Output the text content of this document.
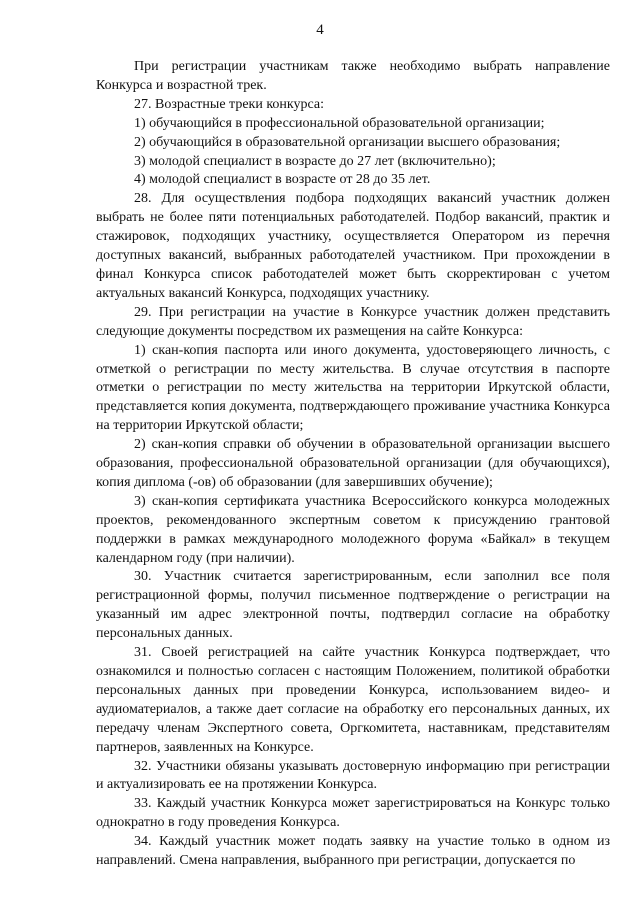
4

При регистрации участникам также необходимо выбрать направление Конкурса и возрастной трек.

27. Возрастные треки конкурса:

1) обучающийся в профессиональной образовательной организации;

2) обучающийся в образовательной организации высшего образования;

3) молодой специалист в возрасте до 27 лет (включительно);

4) молодой специалист в возрасте от 28 до 35 лет.

28. Для осуществления подбора подходящих вакансий участник должен выбрать не более пяти потенциальных работодателей. Подбор вакансий, практик и стажировок, подходящих участнику, осуществляется Оператором из перечня доступных вакансий, выбранных работодателей участником. При прохождении в финал Конкурса список работодателей может быть скорректирован с учетом актуальных вакансий Конкурса, подходящих участнику.

29. При регистрации на участие в Конкурсе участник должен представить следующие документы посредством их размещения на сайте Конкурса:

1) скан-копия паспорта или иного документа, удостоверяющего личность, с отметкой о регистрации по месту жительства. В случае отсутствия в паспорте отметки о регистрации по месту жительства на территории Иркутской области, представляется копия документа, подтверждающего проживание участника Конкурса на территории Иркутской области;

2) скан-копия справки об обучении в образовательной организации высшего образования, профессиональной образовательной организации (для обучающихся), копия диплома (-ов) об образовании (для завершивших обучение);

3) скан-копия сертификата участника Всероссийского конкурса молодежных проектов, рекомендованного экспертным советом к присуждению грантовой поддержки в рамках международного молодежного форума «Байкал» в текущем календарном году (при наличии).

30. Участник считается зарегистрированным, если заполнил все поля регистрационной формы, получил письменное подтверждение о регистрации на указанный им адрес электронной почты, подтвердил согласие на обработку персональных данных.

31. Своей регистрацией на сайте участник Конкурса подтверждает, что ознакомился и полностью согласен с настоящим Положением, политикой обработки персональных данных при проведении Конкурса, использованием видео- и аудиоматериалов, а также дает согласие на обработку его персональных данных, их передачу членам Экспертного совета, Оргкомитета, наставникам, представителям партнеров, заявленных на Конкурсе.

32. Участники обязаны указывать достоверную информацию при регистрации и актуализировать ее на протяжении Конкурса.

33. Каждый участник Конкурса может зарегистрироваться на Конкурс только однократно в году проведения Конкурса.

34. Каждый участник может подать заявку на участие только в одном из направлений. Смена направления, выбранного при регистрации, допускается по
